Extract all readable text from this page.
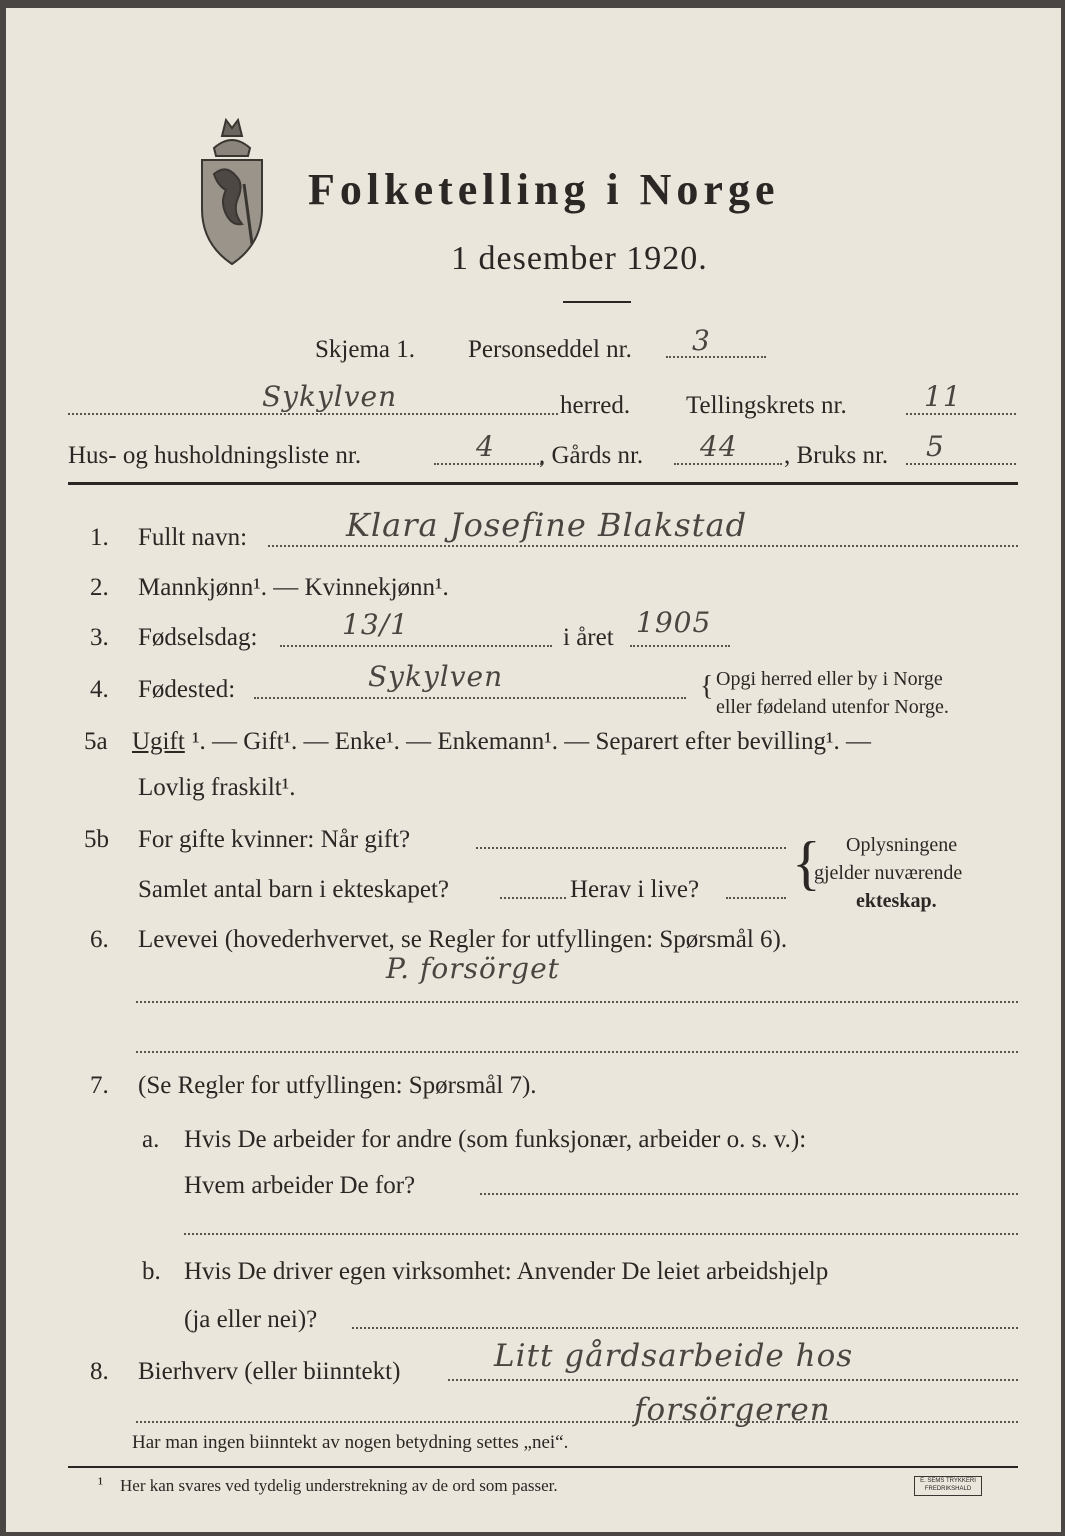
Folketelling i Norge
1 desember 1920.
Skjema 1. Personseddel nr. 3
Sykylven	herred. Tellingskrets nr.	11
Hus- og husholdningsliste nr.	4 , Gårds nr. 44 , Bruks nr. 5
1. Fullt navn:	Klara Josefine Blakstad
2. Mannkjønn¹. — Kvinnekjønn¹.
3. Fødselsdag:	13/1	i året 1905
4. Fødested:	Sykylven	{ Opgi herred eller by i Norge
eller fødeland utenfor Norge.
5a Ugift ¹. — Gift¹. — Enke¹. — Enkemann¹. — Separert efter bevilling¹. —
Lovlig fraskilt¹.
5b For gifte kvinner: Når gift?
Samlet antal barn i ekteskapet?	Herav i live? { Oplysningene
gjelder nuværende
ekteskap.
6. Levevei (hovederhvervet, se Regler for utfyllingen: Spørsmål 6).
P. forsörget
7. (Se Regler for utfyllingen: Spørsmål 7).
a. Hvis De arbeider for andre (som funksjonær, arbeider o. s. v.):
Hvem arbeider De for?
b. Hvis De driver egen virksomhet: Anvender De leiet arbeidshjelp
(ja eller nei)?
8. Bierhverv (eller biinntekt)	Litt gårdsarbeide hos
forsörgeren
Har man ingen biinntekt av nogen betydning settes „nei“.
¹ Her kan svares ved tydelig understrekning av de ord som passer.	E. SEMS TRYKKERI FREDRIKSHALD
